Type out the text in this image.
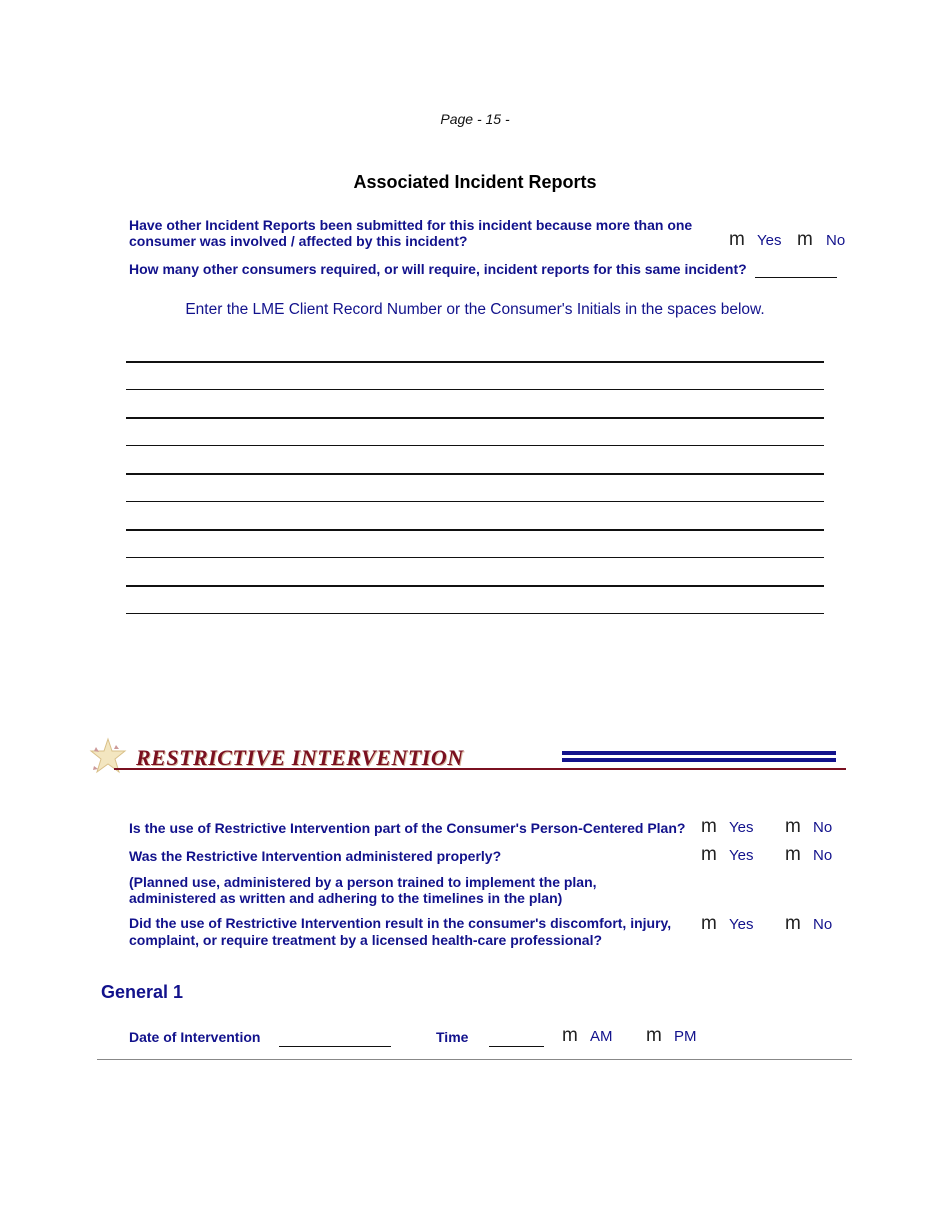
Page - 15 -
Associated Incident Reports
Have other Incident Reports been submitted for this incident because more than one
consumer was involved / affected by this incident?	m Yes m No
How many other consumers required, or will require, incident reports for this same incident?
Enter the LME Client Record Number or the Consumer's Initials in the spaces below.
RESTRICTIVE INTERVENTION
Is the use of Restrictive Intervention part of the Consumer's Person-Centered Plan? m Yes m No
Was the Restrictive Intervention administered properly?	m Yes m No
(Planned use, administered by a person trained to implement the plan,
administered as written and adhering to the timelines in the plan)
Did the use of Restrictive Intervention result in the consumer's discomfort, injury,
complaint, or require treatment by a licensed health-care professional?
m Yes m No
General 1
Date of Intervention	Time	m AM m PM
